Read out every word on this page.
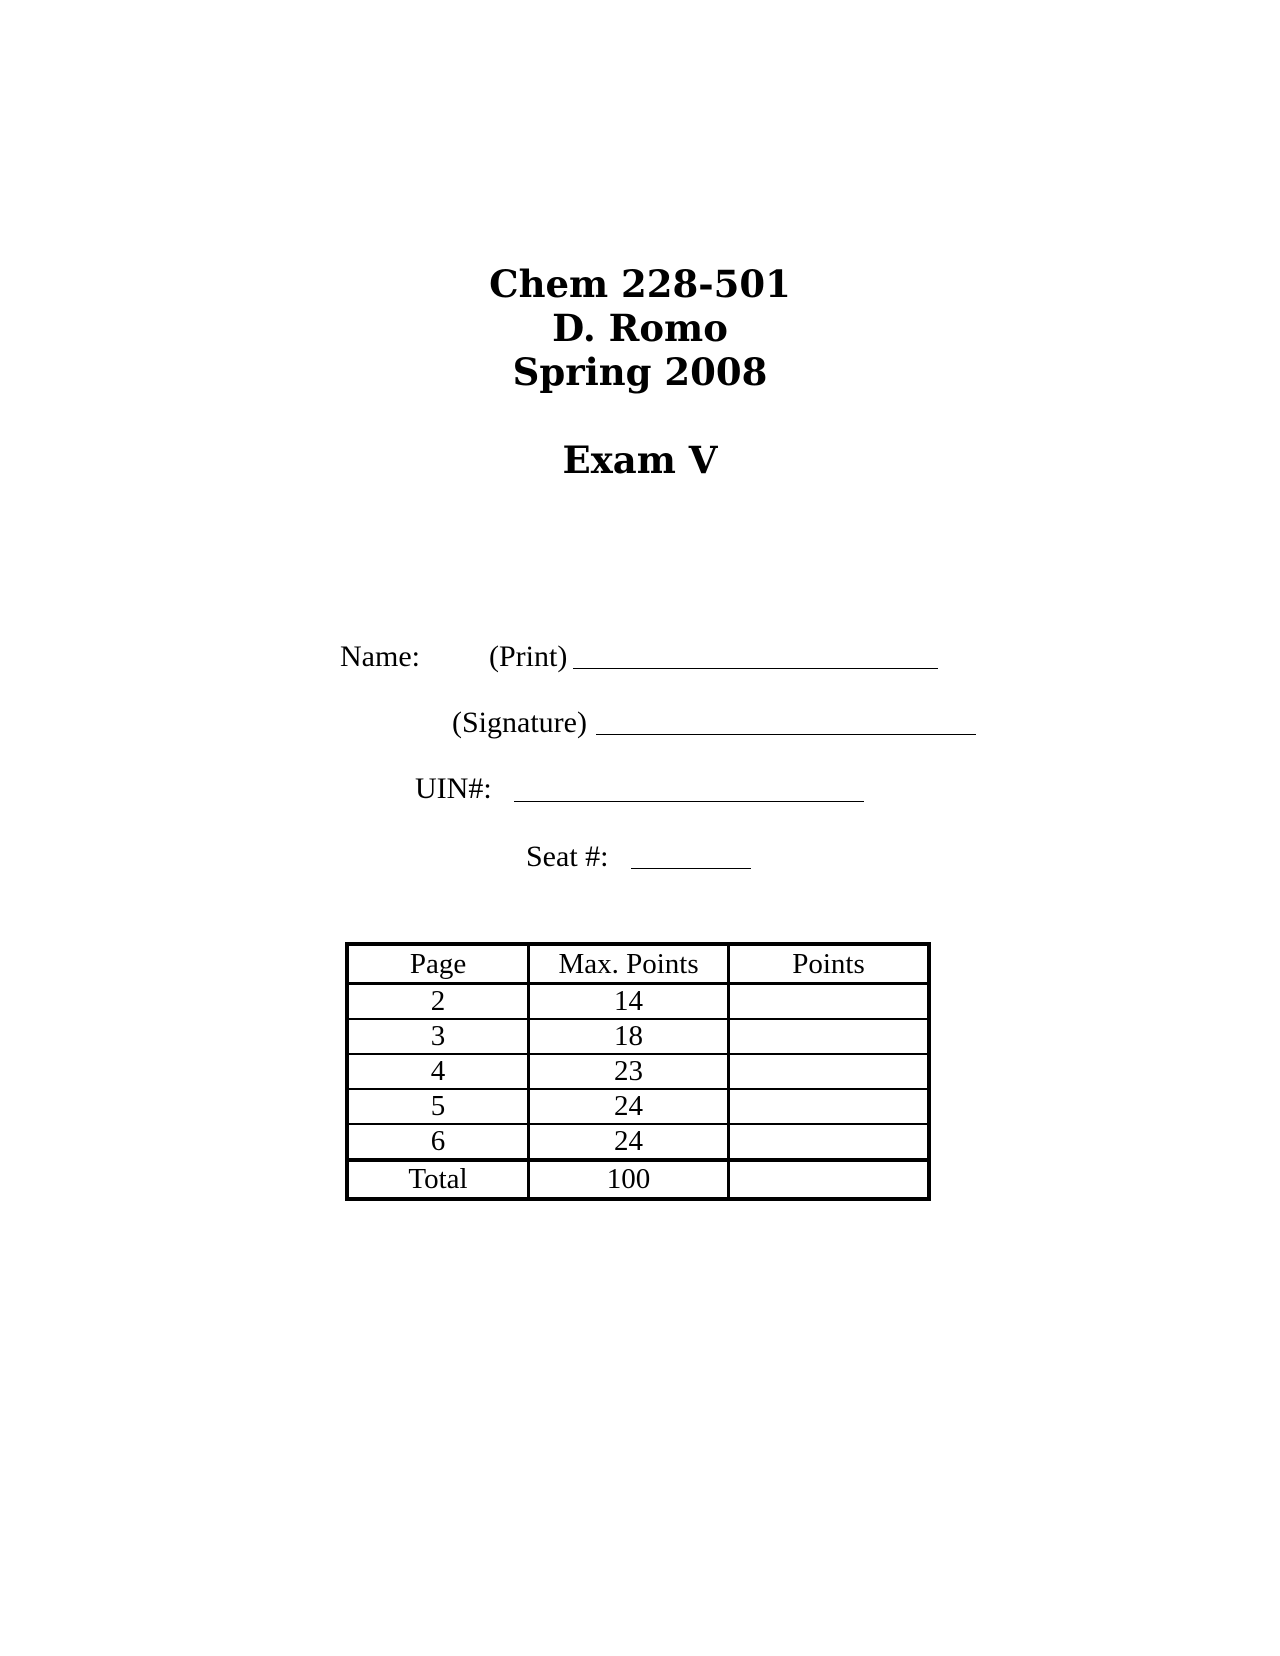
Chem 228-501
D. Romo
Spring 2008
Exam V
Name: (Print)
(Signature)
UIN#:
Seat #:
Page	Max. Points	Points
2	14	
3	18	
4	23	
5	24	
6	24	
Total	100	
